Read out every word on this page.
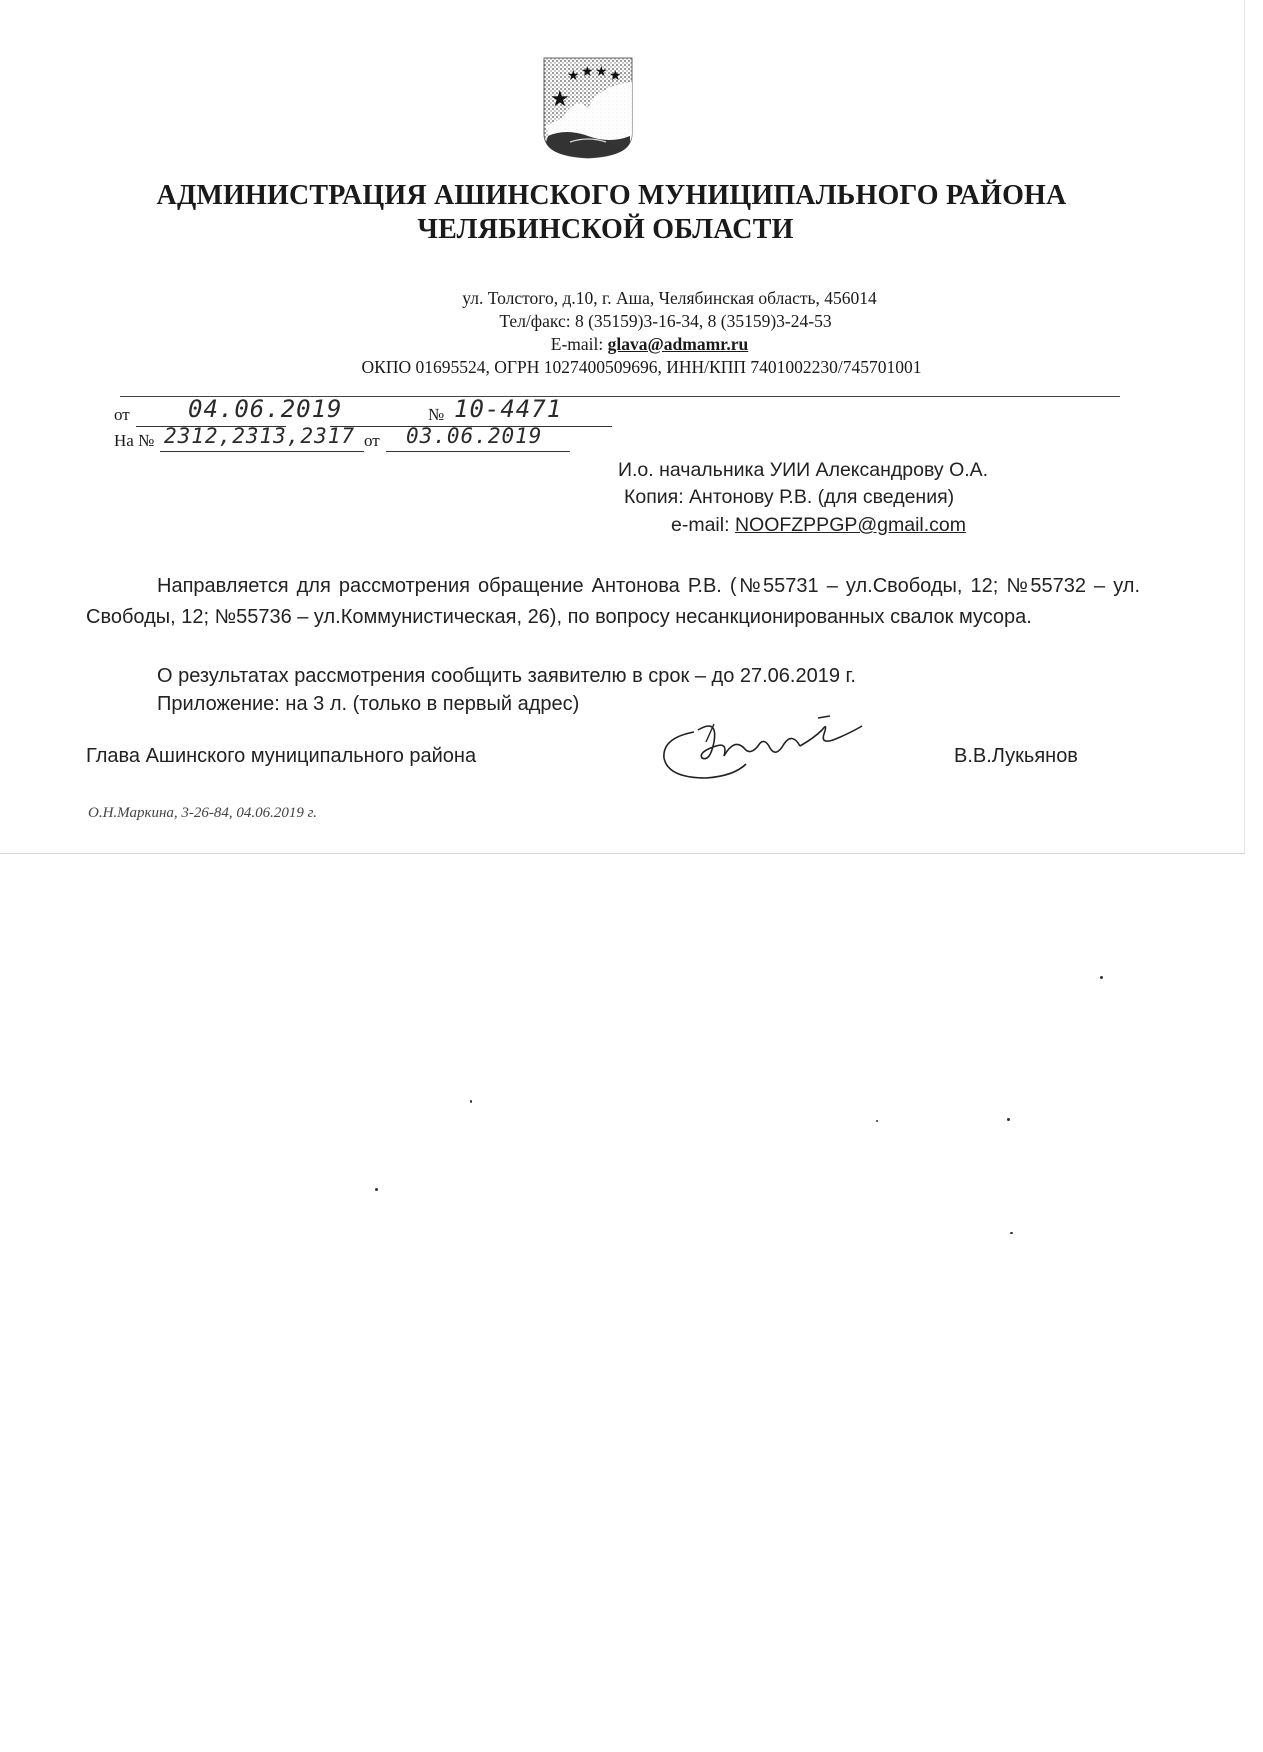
★ ★ ★ ★
★
АДМИНИСТРАЦИЯ АШИНСКОГО МУНИЦИПАЛЬНОГО РАЙОНА
ЧЕЛЯБИНСКОЙ ОБЛАСТИ
ул. Толстого, д.10, г. Аша, Челябинская область, 456014
Тел/факс: 8 (35159)3-16-34, 8 (35159)3-24-53
E-mail: glava@admamr.ru
ОКПО 01695524, ОГРН 1027400509696, ИНН/КПП 7401002230/745701001
от 04.06.2019	№ 10-4471
На № 2312,2313,2317 от 03.06.2019
И.о. начальника УИИ Александрову О.А.
Копия: Антонову Р.В. (для сведения)
e-mail: NOOFZPPGP@gmail.com
Направляется для рассмотрения обращение Антонова Р.В. (№55731 – ул.Свободы, 12; №55732 – ул. Свободы, 12; №55736 – ул.Коммунистическая, 26), по вопросу несанкционированных свалок мусора.
О результатах рассмотрения сообщить заявителю в срок – до 27.06.2019 г.
Приложение: на 3 л. (только в первый адрес)
Глава Ашинского муниципального района	В.В.Лукьянов
О.Н.Маркина, 3-26-84, 04.06.2019 г.
